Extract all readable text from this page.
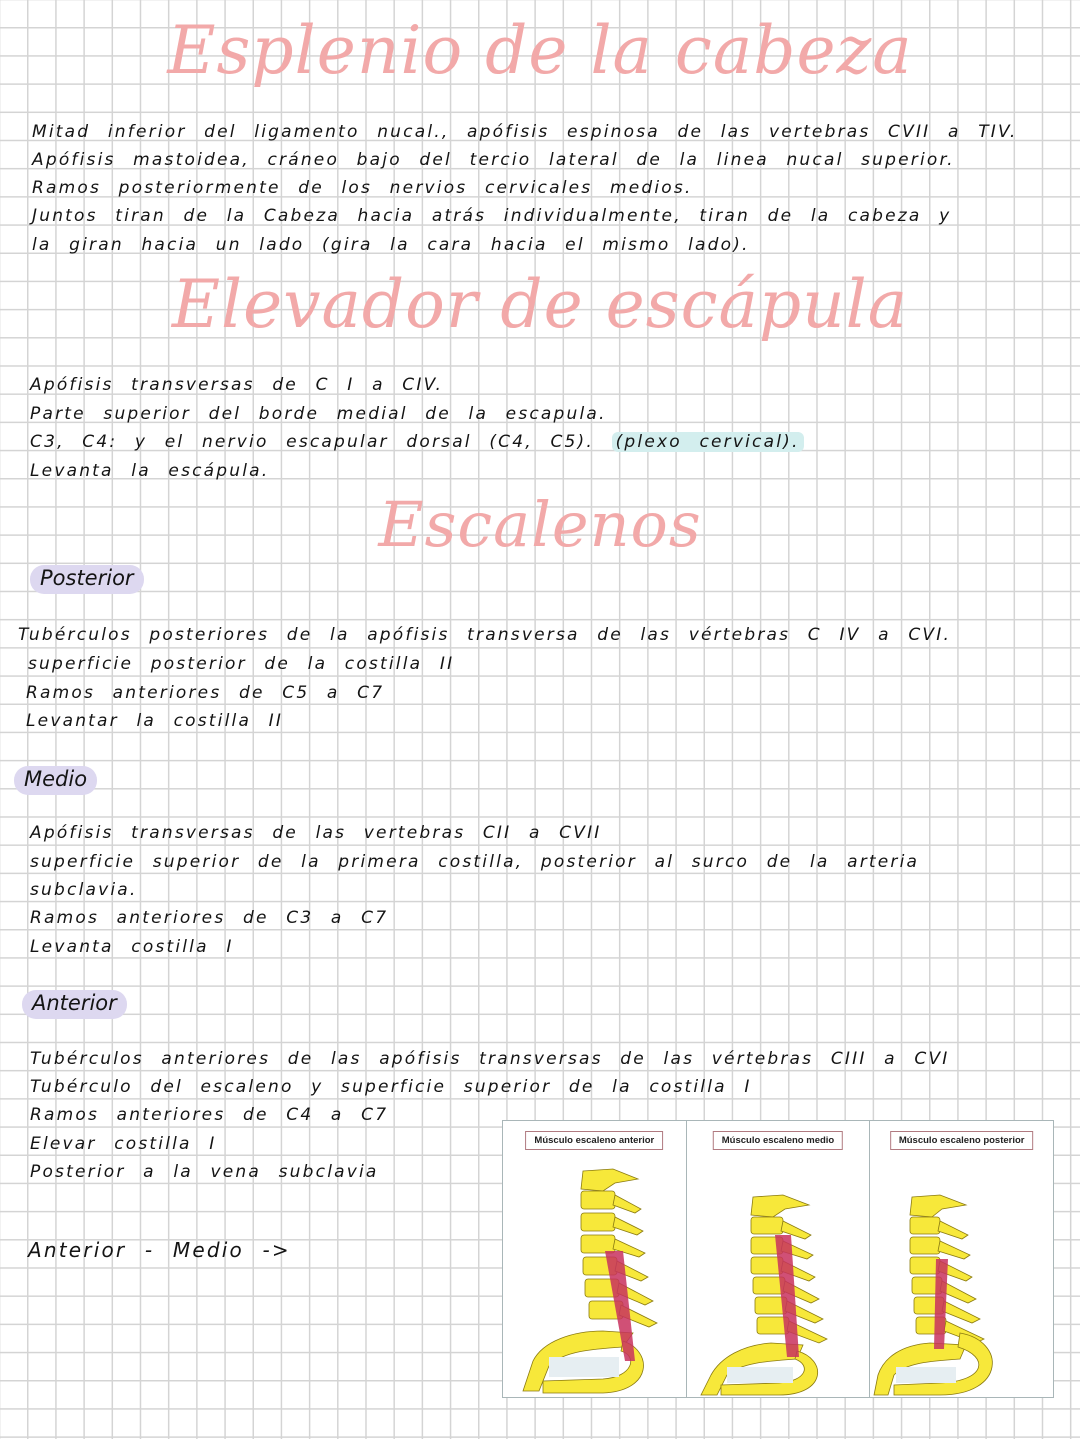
Esplenio de la cabeza
Mitad inferior del ligamento nucal., apófisis espinosa de las vertebras CVII a TIV.
Apófisis mastoidea, cráneo bajo del tercio lateral de la linea nucal superior.
Ramos posteriormente de los nervios cervicales medios.
Juntos tiran de la Cabeza hacia atrás individualmente, tiran de la cabeza y
la giran hacia un lado (gira la cara hacia el mismo lado).
Elevador de escápula
Apófisis transversas de C I a CIV.
Parte superior del borde medial de la escapula.
C3, C4: y el nervio escapular dorsal (C4, C5). (plexo cervical).
Levanta la escápula.
Escalenos
Posterior
Tubérculos posteriores de la apófisis transversa de las vértebras C IV a CVI.
superficie posterior de la costilla II
Ramos anteriores de C5 a C7
Levantar la costilla II
Medio
Apófisis transversas de las vertebras CII a CVII
superficie superior de la primera costilla, posterior al surco de la arteria
subclavia.
Ramos anteriores de C3 a C7
Levanta costilla I
Anterior
Tubérculos anteriores de las apófisis transversas de las vértebras CIII a CVI
Tubérculo del escaleno y superficie superior de la costilla I
Ramos anteriores de C4 a C7
Elevar costilla I
Posterior a la vena subclavia
Anterior - Medio ->
Músculo escaleno anterior	Músculo escaleno medio	Músculo escaleno posterior
